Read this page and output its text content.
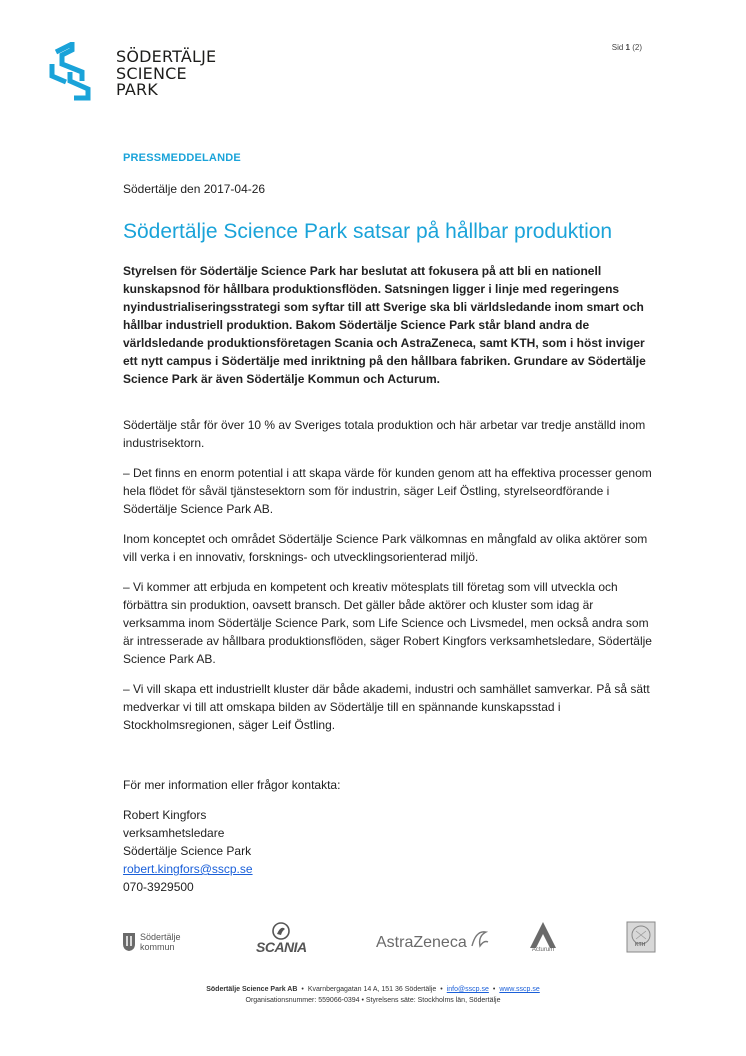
SÖDERTÄLJE
SCIENCE
PARK
Sid 1 (2)
PRESSMEDDELANDE
Södertälje den 2017-04-26
Södertälje Science Park satsar på hållbar produktion

Styrelsen för Södertälje Science Park har beslutat att fokusera på att bli en nationell kunskapsnod för hållbara produktionsflöden. Satsningen ligger i linje med regeringens nyindustrialiseringsstrategi som syftar till att Sverige ska bli världsledande inom smart och hållbar industriell produktion. Bakom Södertälje Science Park står bland andra de världsledande produktionsföretagen Scania och AstraZeneca, samt KTH, som i höst inviger ett nytt campus i Södertälje med inriktning på den hållbara fabriken. Grundare av Södertälje Science Park är även Södertälje Kommun och Acturum.

Södertälje står för över 10 % av Sveriges totala produktion och här arbetar var tredje anställd inom industrisektorn.

– Det finns en enorm potential i att skapa värde för kunden genom att ha effektiva processer genom hela flödet för såväl tjänstesektorn som för industrin, säger Leif Östling, styrelseordförande i Södertälje Science Park AB.

Inom konceptet och området Södertälje Science Park välkomnas en mångfald av olika aktörer som vill verka i en innovativ, forsknings- och utvecklingsorienterad miljö.

– Vi kommer att erbjuda en kompetent och kreativ mötesplats till företag som vill utveckla och förbättra sin produktion, oavsett bransch. Det gäller både aktörer och kluster som idag är verksamma inom Södertälje Science Park, som Life Science och Livsmedel, men också andra som är intresserade av hållbara produktionsflöden, säger Robert Kingfors verksamhetsledare, Södertälje Science Park AB.

– Vi vill skapa ett industriellt kluster där både akademi, industri och samhället samverkar. På så sätt medverkar vi till att omskapa bilden av Södertälje till en spännande kunskapsstad i Stockholmsregionen, säger Leif Östling.

För mer information eller frågor kontakta:

Robert Kingfors
verksamhetsledare
Södertälje Science Park
robert.kingfors@sscp.se
070-3929500
Södertälje
kommun	SCANIA	AstraZeneca	Acturum
KTH
Södertälje Science Park AB • Kvarnbergagatan 14 A, 151 36 Södertälje • info@sscp.se • www.sscp.se
Organisationsnummer: 559066-0394 • Styrelsens säte: Stockholms län, Södertälje
